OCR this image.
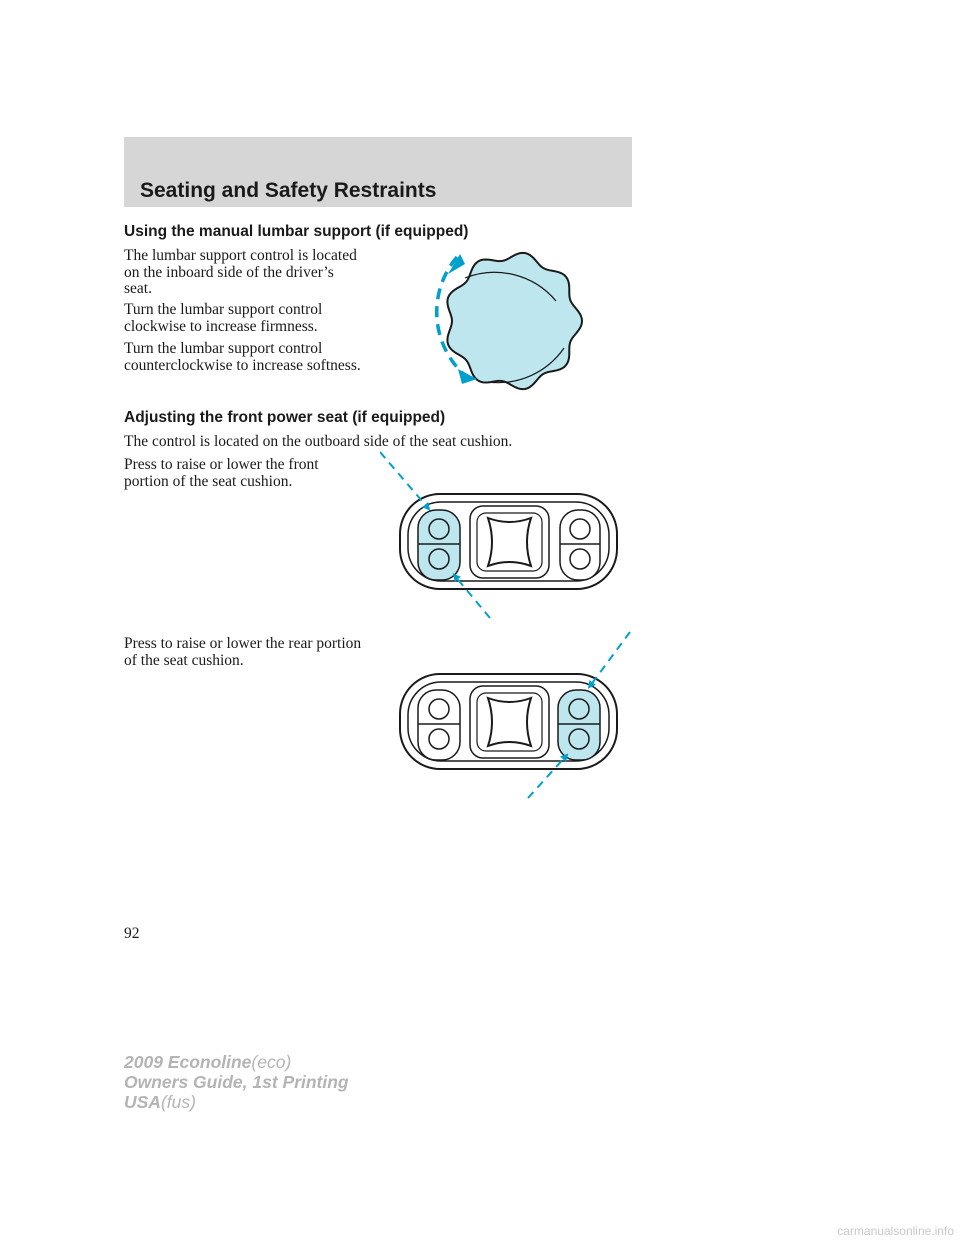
Seating and Safety Restraints
Using the manual lumbar support (if equipped)
The lumbar support control is located on the inboard side of the driver’s seat.
Turn the lumbar support control clockwise to increase firmness.
Turn the lumbar support control counterclockwise to increase softness.
Adjusting the front power seat (if equipped)
The control is located on the outboard side of the seat cushion.
Press to raise or lower the front portion of the seat cushion.
Press to raise or lower the rear portion of the seat cushion.
92
2009 Econoline(eco)
Owners Guide, 1st Printing
USA(fus)
carmanualsonline.info
